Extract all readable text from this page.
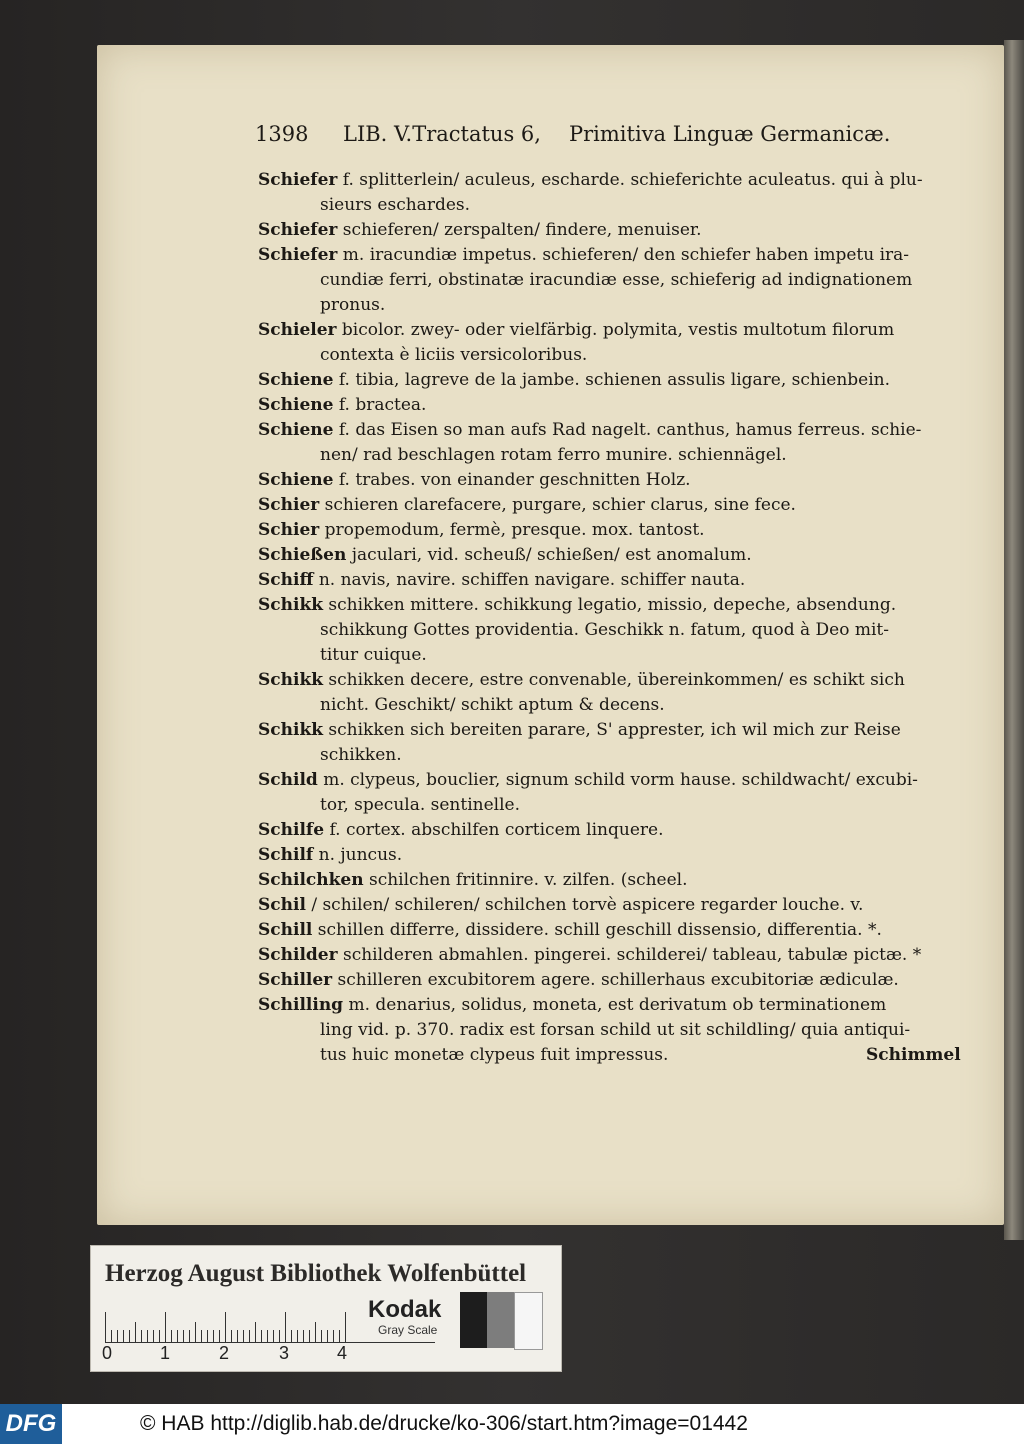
1398 LIB. V.Tractatus 6, Primitiva Linguæ Germanicæ.
Schiefer f. splitterlein/ aculeus, escharde. schieferichte aculeatus. qui à plu-
sieurs eschardes.
Schiefer schieferen/ zerspalten/ findere, menuiser.
Schiefer m. iracundiæ impetus. schieferen/ den schiefer haben impetu ira-
cundiæ ferri, obstinatæ iracundiæ esse, schieferig ad indignationem
pronus.
Schieler bicolor. zwey- oder vielfärbig. polymita, vestis multotum filorum
contexta è liciis versicoloribus.
Schiene f. tibia, lagreve de la jambe. schienen assulis ligare, schienbein.
Schiene f. bractea.
Schiene f. das Eisen so man aufs Rad nagelt. canthus, hamus ferreus. schie-
nen/ rad beschlagen rotam ferro munire. schiennägel.
Schiene f. trabes. von einander geschnitten Holz.
Schier schieren clarefacere, purgare, schier clarus, sine fece.
Schier propemodum, fermè, presque. mox. tantost.
Schießen jaculari, vid. scheuß/ schießen/ est anomalum.
Schiff n. navis, navire. schiffen navigare. schiffer nauta.
Schikk schikken mittere. schikkung legatio, missio, depeche, absendung.
schikkung Gottes providentia. Geschikk n. fatum, quod à Deo mit-
titur cuique.
Schikk schikken decere, estre convenable, übereinkommen/ es schikt sich
nicht. Geschikt/ schikt aptum & decens.
Schikk schikken sich bereiten parare, S' apprester, ich wil mich zur Reise
schikken.
Schild m. clypeus, bouclier, signum schild vorm hause. schildwacht/ excubi-
tor, specula. sentinelle.
Schilfe f. cortex. abschilfen corticem linquere.
Schilf n. juncus.
Schilchken schilchen fritinnire. v. zilfen. (scheel.
Schil / schilen/ schileren/ schilchen torvè aspicere regarder louche. v.
Schill schillen differre, dissidere. schill geschill dissensio, differentia. *.
Schilder schilderen abmahlen. pingerei. schilderei/ tableau, tabulæ pictæ. *
Schiller schilleren excubitorem agere. schillerhaus excubitoriæ ædiculæ.
Schilling m. denarius, solidus, moneta, est derivatum ob terminationem
ling vid. p. 370. radix est forsan schild ut sit schildling/ quia antiqui-
tus huic monetæ clypeus fuit impressus.	Schimmel
Herzog August Bibliothek Wolfenbüttel
0	1	2	3	4
Kodak
Gray Scale
DFG	© HAB http://diglib.hab.de/drucke/ko-306/start.htm?image=01442
